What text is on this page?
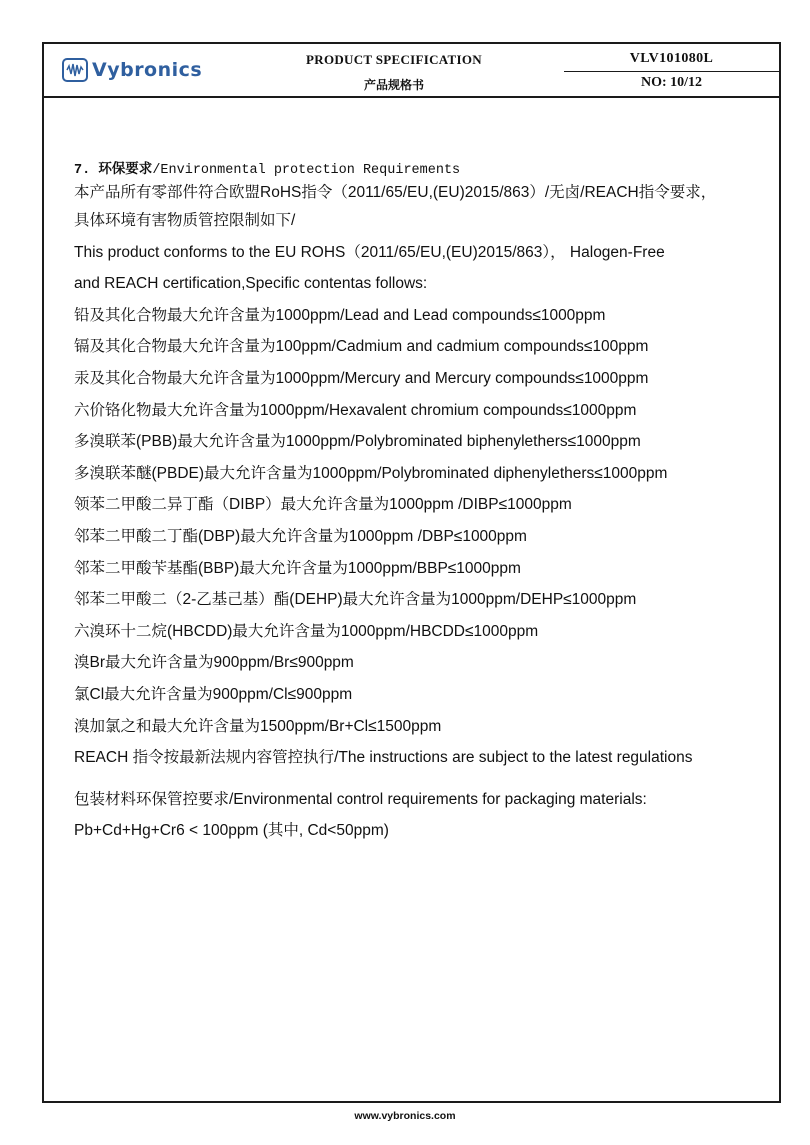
Vybronics	PRODUCT SPECIFICATION
产品规格书
VLV101080L
NO: 10/12
7. 环保要求/Environmental protection Requirements
本产品所有零部件符合欧盟RoHS指令（2011/65/EU,(EU)2015/863）/无卤/REACH指令要求，
具体环境有害物质管控限制如下/
This product conforms to the EU ROHS（2011/65/EU,(EU)2015/863）， Halogen-Free
and REACH certification,Specific contentas follows:
铅及其化合物最大允许含量为1000ppm/Lead and Lead compounds≤1000ppm
镉及其化合物最大允许含量为100ppm/Cadmium and cadmium compounds≤100ppm
汞及其化合物最大允许含量为1000ppm/Mercury and Mercury compounds≤1000ppm
六价铬化物最大允许含量为1000ppm/Hexavalent chromium compounds≤1000ppm
多溴联苯(PBB)最大允许含量为1000ppm/Polybrominated biphenylethers≤1000ppm
多溴联苯醚(PBDE)最大允许含量为1000ppm/Polybrominated diphenylethers≤1000ppm
领苯二甲酸二异丁酯（DIBP）最大允许含量为1000ppm /DIBP≤1000ppm
邻苯二甲酸二丁酯(DBP)最大允许含量为1000ppm /DBP≤1000ppm
邻苯二甲酸苄基酯(BBP)最大允许含量为1000ppm/BBP≤1000ppm
邻苯二甲酸二（2-乙基己基）酯(DEHP)最大允许含量为1000ppm/DEHP≤1000ppm
六溴环十二烷(HBCDD)最大允许含量为1000ppm/HBCDD≤1000ppm
溴Br最大允许含量为900ppm/Br≤900ppm
氯Cl最大允许含量为900ppm/Cl≤900ppm
溴加氯之和最大允许含量为1500ppm/Br+Cl≤1500ppm
REACH 指令按最新法规内容管控执行/The instructions are subject to the latest regulations
包装材料环保管控要求/Environmental control requirements for packaging materials:
Pb+Cd+Hg+Cr6 < 100ppm (其中, Cd<50ppm)
www.vybronics.com
